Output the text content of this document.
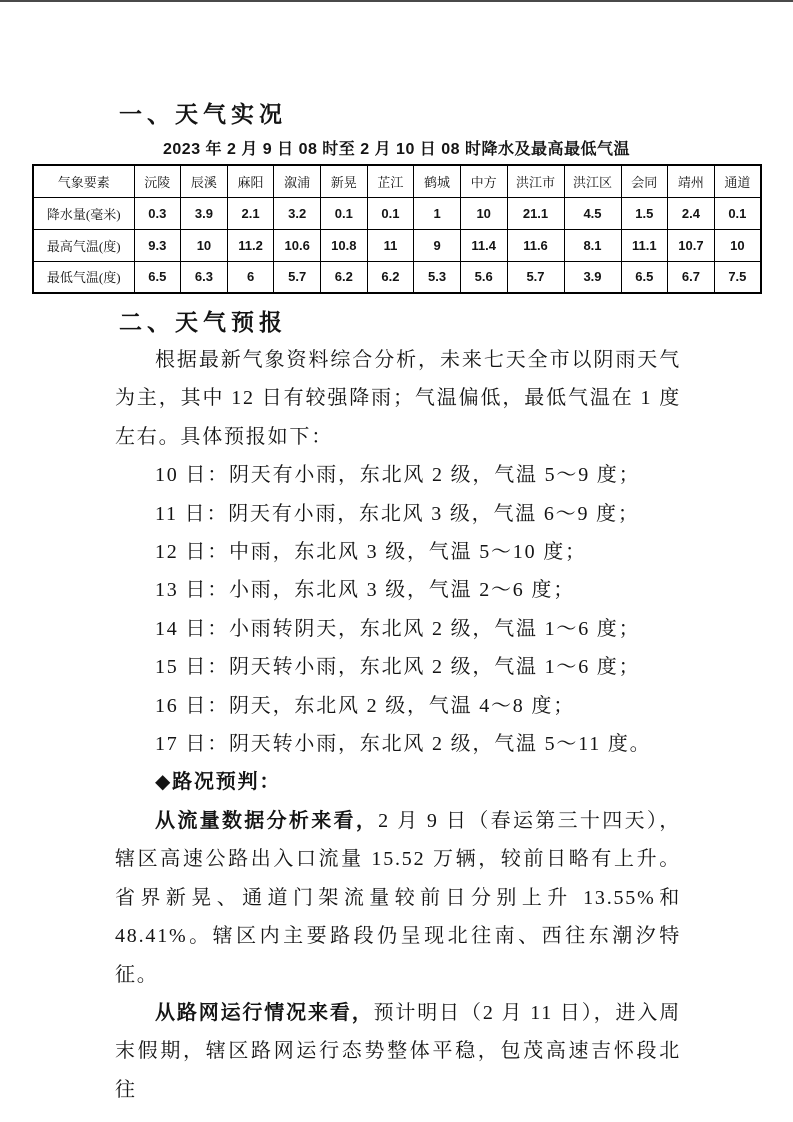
一、天气实况
2023 年 2 月 9 日 08 时至 2 月 10 日 08 时降水及最高最低气温
气象要素	沅陵	辰溪	麻阳	溆浦	新晃	芷江	鹤城	中方	洪江市	洪江区	会同	靖州	通道
降水量(毫米)	0.3	3.9	2.1	3.2	0.1	0.1	1	10	21.1	4.5	1.5	2.4	0.1
最高气温(度)	9.3	10	11.2	10.6	10.8	11	9	11.4	11.6	8.1	11.1	10.7	10
最低气温(度)	6.5	6.3	6	5.7	6.2	6.2	5.3	5.6	5.7	3.9	6.5	6.7	7.5
二、天气预报

根据最新气象资料综合分析，未来七天全市以阴雨天气为主，其中 12 日有较强降雨；气温偏低，最低气温在 1 度左右。具体预报如下：

10 日：阴天有小雨，东北风 2 级，气温 5～9 度；

11 日：阴天有小雨，东北风 3 级，气温 6～9 度；

12 日：中雨，东北风 3 级，气温 5～10 度；

13 日：小雨，东北风 3 级，气温 2～6 度；

14 日：小雨转阴天，东北风 2 级，气温 1～6 度；

15 日：阴天转小雨，东北风 2 级，气温 1～6 度；

16 日：阴天，东北风 2 级，气温 4～8 度；

17 日：阴天转小雨，东北风 2 级，气温 5～11 度。

◆路况预判：

从流量数据分析来看，2 月 9 日（春运第三十四天），辖区高速公路出入口流量 15.52 万辆，较前日略有上升。省界新晃、通道门架流量较前日分别上升 13.55%和 48.41%。辖区内主要路段仍呈现北往南、西往东潮汐特征。

从路网运行情况来看，预计明日（2 月 11 日），进入周末假期，辖区路网运行态势整体平稳，包茂高速吉怀段北往
